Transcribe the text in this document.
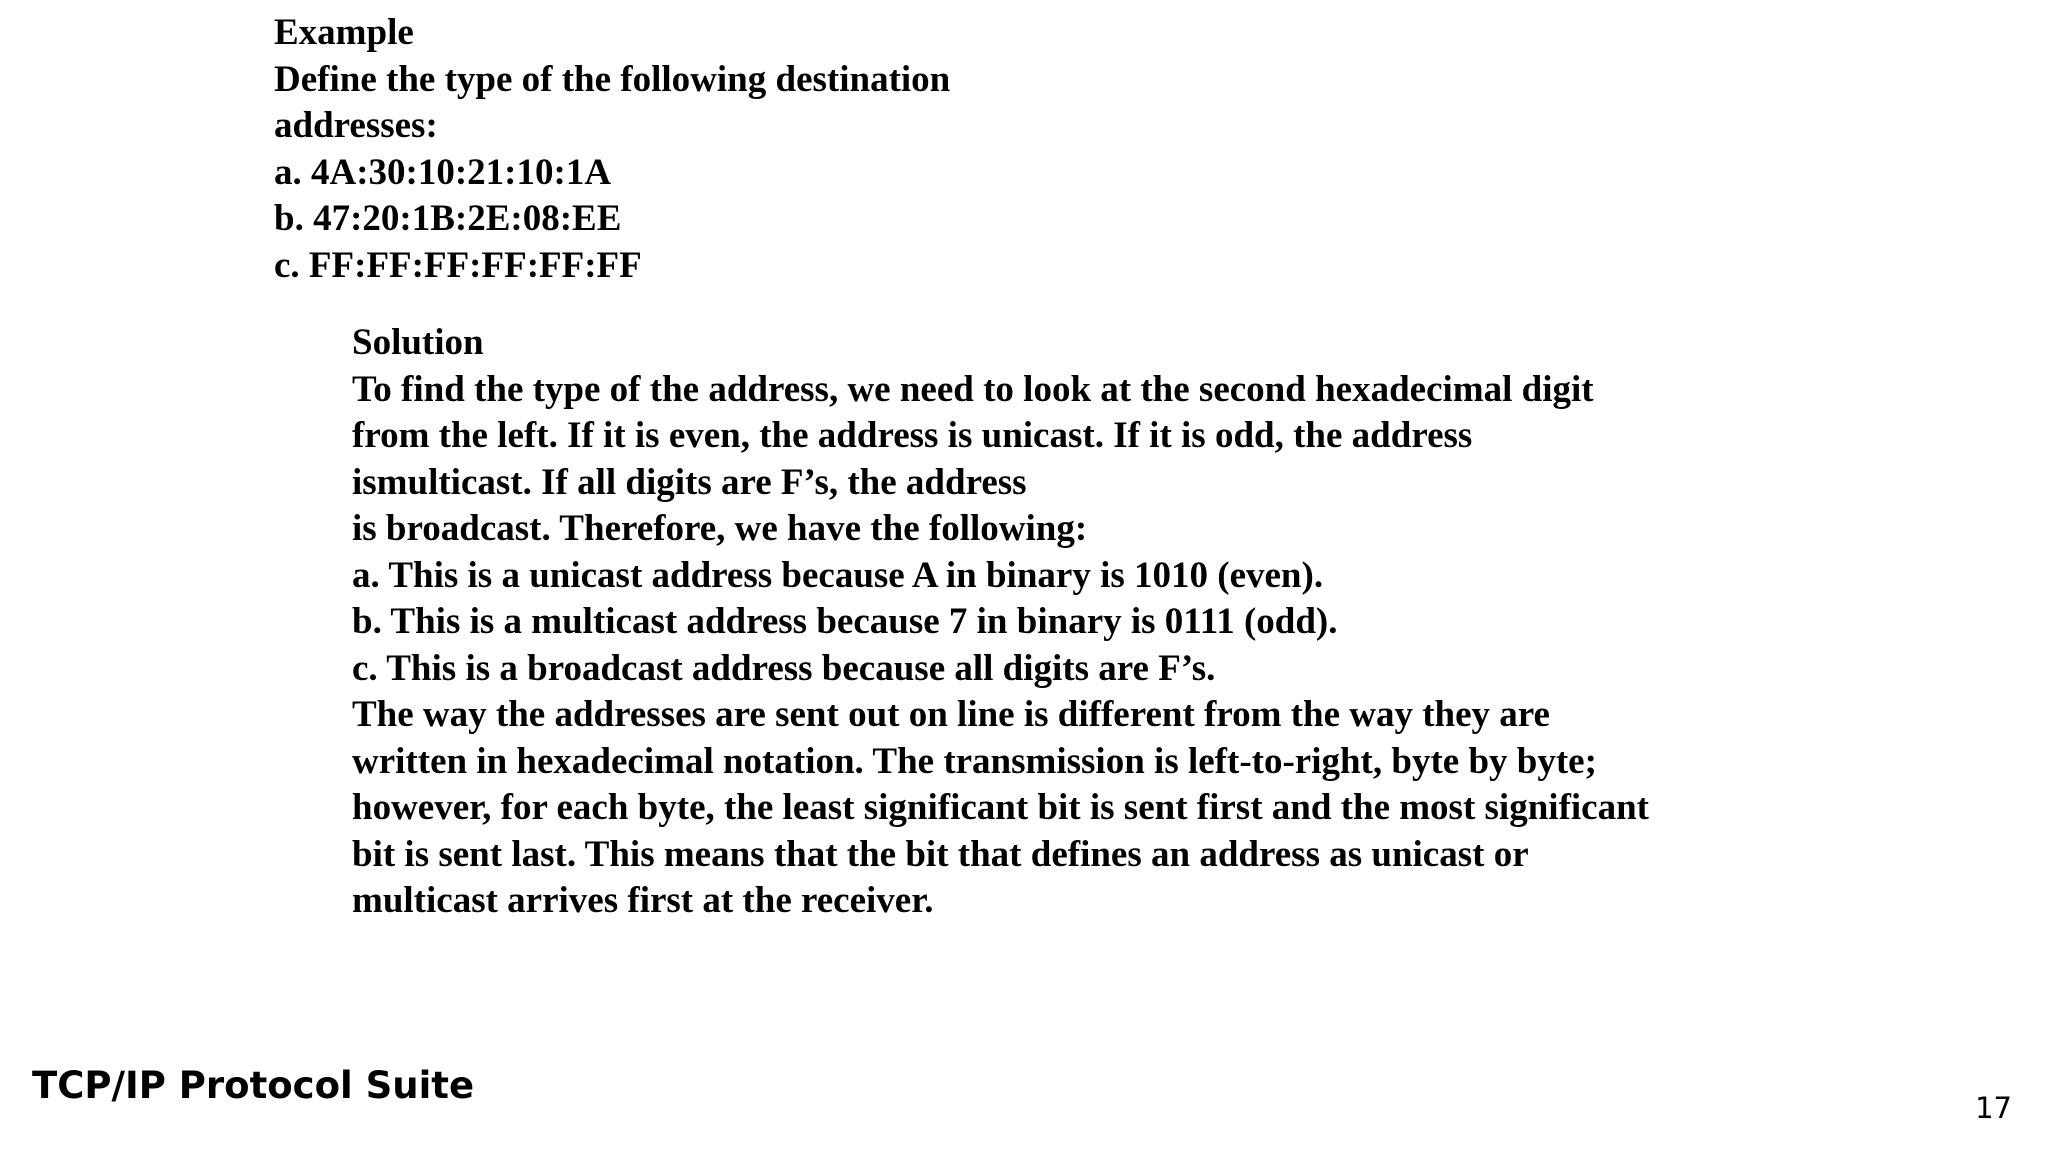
Example

Define the type of the following destination

addresses:

a. 4A:30:10:21:10:1A

b. 47:20:1B:2E:08:EE

c. FF:FF:FF:FF:FF:FF

Solution

To find the type of the address, we need to look at the second hexadecimal digit

from the left. If it is even, the address is unicast. If it is odd, the address

ismulticast. If all digits are F’s, the address

is broadcast. Therefore, we have the following:

a. This is a unicast address because A in binary is 1010 (even).

b. This is a multicast address because 7 in binary is 0111 (odd).

c. This is a broadcast address because all digits are F’s.

The way the addresses are sent out on line is different from the way they are

written in hexadecimal notation. The transmission is left-to-right, byte by byte;

however, for each byte, the least significant bit is sent first and the most significant

bit is sent last. This means that the bit that defines an address as unicast or

multicast arrives first at the receiver.

TCP/IP Protocol Suite
17
